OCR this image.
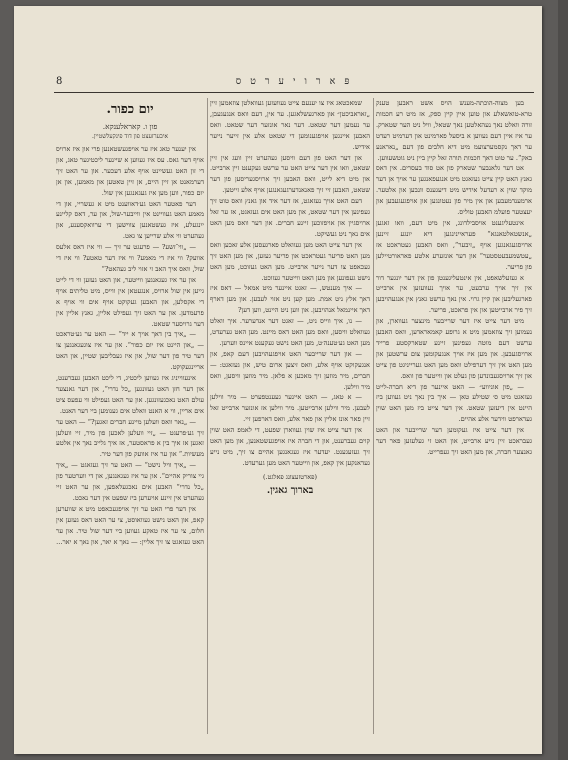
8	פּ א ר ו י ע ר ט ס

בען מצוה-הוכתה-מענש הויס אשט ראבען טענק טרא-טואשאלע און טוען איין קיין ספק, אז מיט רע חכמות זורה וואלט נאך נעהאלטען נאך שטאל, וויל ניט הער שטארק. ער איז איין דעם נעווען א ביסעל פארמינט און דערמיט רעדט ער דאך נקסמערצועמ מיט דיא חלבים פון דעם „נאראנע באק“. ער טוט דאך חכמות תורה זאל קיין ביין ניט גוטשעווען.

אט דער גלאנבער שטארק פון אט סוד בעסרים. אין דאס גאנץ האט קיין צייט געזאגט מיט אנגעפאנגען ער אויך אן דער מוקד שוין א רעדעל אידיש מיט דיעגענס וונבען און אלטער. ארמענדמעבען און אין מיר פון נעטונגען און אויפגעגעבען און יעצטער פועלמ האבען טוליס.

אינטעליגענט אויסבילדונג, אין מיט דעם, וואו זאגען „אנשטאלטאנגא“ פעראיינינגען דיא יונגע זיינען ארויסגעגאנגען אויף „זיבער“, וואס האבען געטראכט אז „עטשמעבעטסטער“ און דער אונזערע אלטע פאראורטיילען פון פריער.

א געזעלשאפט, אין אינטעליגענטן פון אין דער יונגער דור אין זיך אויך ערבעט, ער אויך נעוועזען אין ארבייט פארגעליבען און קיין גרוי. אין נאך ערשט גאנץ אין אנגעהויבען זיך פיר ארבייטען און אין פראכט, פריער.

מיט דער צייט איז דער שרייבער מינצער געווארן, און נעמוען זיך צוזאמען מיט א גרופע קאמאראדען, וואס האבען ערשט דעם מוטה געפינען זיינע שטארקסטע פרייד ארויסגעבען. און מען איז אויך אנגעקומען צום ערשטען און מען האט אין זיך דערפילט וואס מען האט גערייניגט פון צייט און זיך ארויסגעבונדען פון געלט און ווייטער פון וואס.

— „פון אוניווע״ — האט איינער פון דיא חברה-לייט געזאגט מיט ס׳ שטילע טאן — איך בין נאך ניט געווען ביז היינט אין דיעזען שטאט. אין דער צייט ביז מען האט שוין געדארפט ווידער אלע אהיים.

אין דער צייט איז געקומען דער שרייבער און האט געבראכט זיין נייע ארבייט, און האט זי געלעזען פאר דער גאנצער חברה, און מען האט זיך געפרייט.

שמאכטאג איז צו יענעם צייט נעוועזען געוואלטן צוזאמען זיין „זאראביכטן״ און פארגעשלאגען. ער אין, דעם וואס אנגעגעבן, ער נעמען דער שטאט. דער נאר אונזער דער שטאט. וואס האבען איינגען אויפגענומען די שטאט אלע אין זייער נייער אידיש.

און דער האט פון דעם וויסען געהערט זיין וועג אין זיין שטאט, וואו אין דער צייט האט ער ערשט געקענט זיין ארבייט. און מיט דיא לייט, וואס האבען זיך ארויסגעריסען פון דער שטאט, האבען זיי זיך פאנאנדערגעגאנגען אויף אלע זייטען.

דעם האט אויך נעזאגט, אז דער איד און גאנץ וואס טוט זיך געפינען אין דער שטאט, און מען האט אים געזאגט, אז ער זאל ארויסגיין און אויפזוכען זיינע חברים. און דער וואס מען האט אים נאך ניט געשיקט.

אין דער צייט האט מען געוואלט פארגעסען אלע זאכען וואס מען האט פריער געטראכט און פריער געזען, און מען האט זיך געכאפט צו דער נייער ארבייט. מען האט געזוכט, מען האט נישט געפונען און מען האט ווייטער געזוכט.

— איך מענטש, — זאגט איינער מיט אמאל — דאס איז דאך אלץ ניט אמת. מען קען ניט אזוי לעבען. און מען דארף דאך איינמאל אנהויבען. און ווען ניט היינט, ווען דען?

— נו, איך ווייס ניט, — זאגט דער אנדערער. איך וואלט געוואלט וויסען, וואס מען האט דאס מיינט. מען האט גערעדט, מען האט גע׳טענה׳ט, מען האט נישט געקענט איינס ווערען.

— און דער שרייבער האט אויפגעהויבען דעם קאפ, און אנגעקוקט אויף אלע, וואס זיצען ארום טיש, און געזאגט: — חברים, מיר מוזען זיך מאכען א פלאן. מיר מוזען וויסען, וואס מיר ווילען.

— א טאג, — האט איינער געענטפערט — מיר ווילען לעבען. מיר ווילען ארבייטען. מיר ווילען אז אונזער ארבייט זאל זיין פאר אונז אליין און פאר אלע, וואס דארפען זיי.

אין דער צייט איז שוין געווארן שפעט, די לאמפ האט שוין קוים געברענט, און די חברה איז אויפגעשטאנען, און מען האט זיך געזעגענט. יעדער איז געגאנגען אהיים צו זיך, מיט נייע געדאנקען אין קאפ, און ווייטער האט מען גערעדט.

(פארטזעצונג פאלגט.)
בארוך גאגין.
יום כפור.
פון ו. קאראלענקא.
איבערזעצט פון דוד פינקעלשטיין.

אין יענער טאג איז ער אויפגעשטאנען פרי און איז ארויס אויף דער גאס. עס איז געווען א שיינער ליכטיגער טאג, און די זון האט געשיינט אויף אלע דעכער. און ער האט זיך דערמאנט אן זיין היים, אן זיין טאטען און מאמען, און אן יום כפור, ווען מען איז געגאנגען אין שול.

דער פאטער האט גע׳דאווענט מיט א געשריי, און די מאמע האט געוויינט אין ווייבער-שול, און ער, דאס קליינע ייִנגעלע, איז געשטאנען צווישען די ערוואקסענע, און געהערט ווי אלע שרייען צו גאט.

— „ווי־זשע? — פרעגט ער זיך — ווי איז דאס אלעס אוועק? ווי איז די מאמע? ווי איז דער טאטע? ווי איז די שול, וואס איך האב זי אזוי ליב געהאט?“

און ער איז געגאנגען ווייטער, און האט געזען ווי די לייט גייען אין שול ארויס, אנגעטאן אין ווייס, מיט טליתים אויף די אקסלען, און האבען געקוקט אויף אים ווי אויף א פרעמדען. און ער האט זיך געפילט אליין, גאנץ אליין אין דער גרויסער שטאט.

— „איך בין דאך אויך א ייד“ — האט ער גע׳טראכט — „און היינט איז יום כפור“. און ער איז צוגעגאנגען צו דער טיר פון דער שול, און איז געבליבען שטיין, און האט אריינגעקוקט.

אינעווייניג איז געווען ליכטיג, די ליכט האבען געברענט, און דער חזן האט געזונגען „כל נדרי“, און דער גאנצער עולם האט נאכגעזונגען. און ער האט געפילט ווי עפעס ציט אים אריין, ווי א האנט וואלט אים גענומען ביי דער האנט.

— „נאר וואס וועלען מיינע חברים זאגען?“ — האט ער זיך גע׳פרעגט — „זיי וועלען לאכען פון מיר, זיי וועלען זאגען אז איך בין א פראסטער, אז איך גלייב נאך אין אלטע מעשיות.“ און ער איז אוועק פון דער טיר.

— „איך וויל נישט“ — האט ער זיך געזאגט — „איך גיי צוריק אהיים“. און ער איז געגאנגען, און די ווערטער פון „כל נדרי“ האבען אים נאכגעלאפען, און ער האט זיי געהערט אין זיינע אויערען ביז שפעט אין דער נאכט.

אין דער פרי האט ער זיך אויפגעכאפט מיט א שווערען קאפ, און האט נישט געוואוסט, צי ער האט דאס געזען אין חלום, צי ער איז טאקע געווען ביי דער שול טיר. און ער האט געזאגט צו זיך אליין: — נאך א יאר, און נאך א יאר...
